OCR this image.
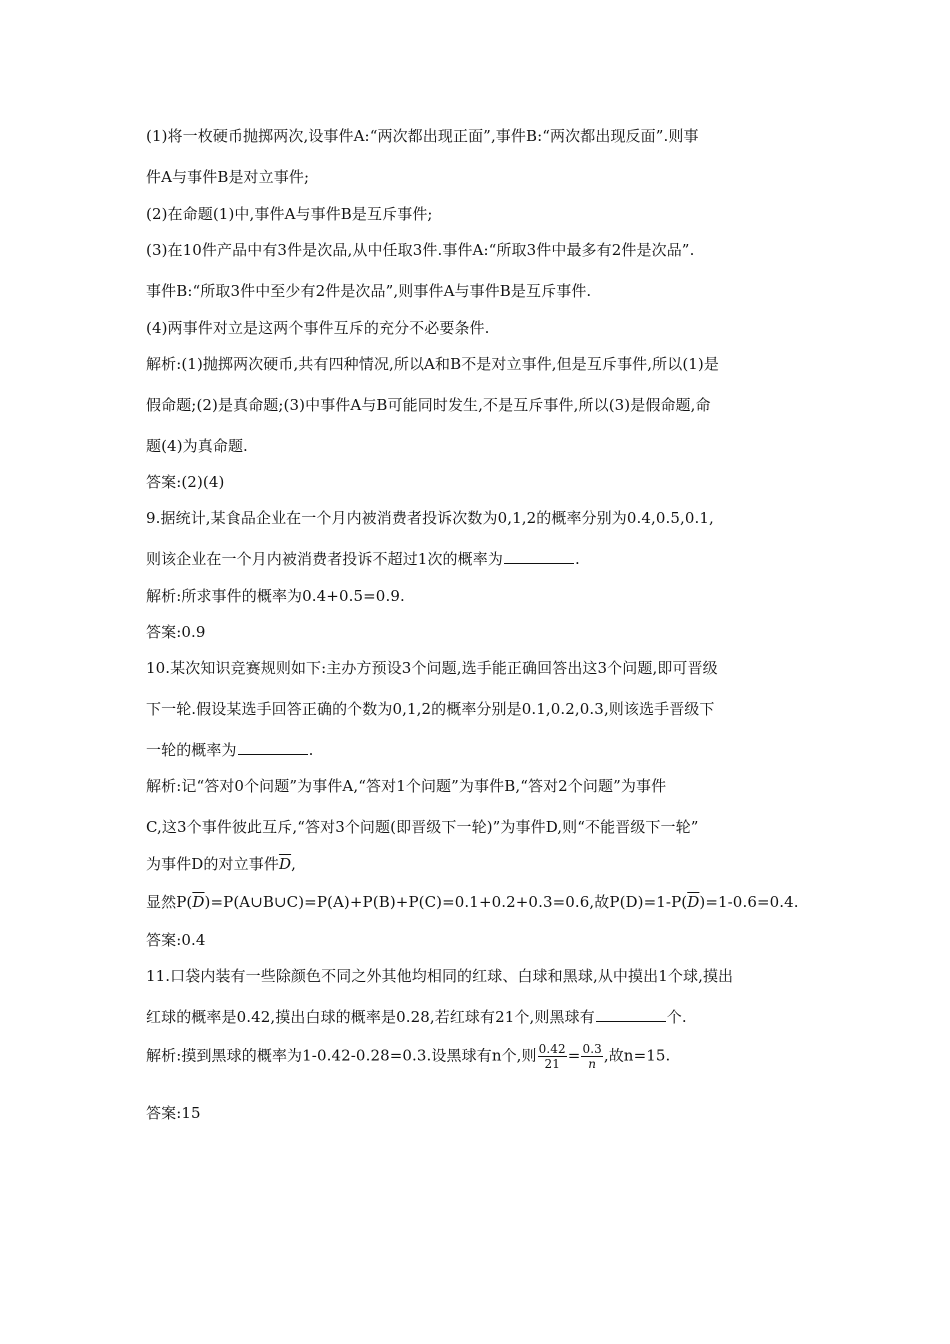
(1)将一枚硬币抛掷两次,设事件A:“两次都出现正面”,事件B:“两次都出现反面”.则事
件A与事件B是对立事件;
(2)在命题(1)中,事件A与事件B是互斥事件;
(3)在10件产品中有3件是次品,从中任取3件.事件A:“所取3件中最多有2件是次品”.
事件B:“所取3件中至少有2件是次品”,则事件A与事件B是互斥事件.
(4)两事件对立是这两个事件互斥的充分不必要条件.
解析:(1)抛掷两次硬币,共有四种情况,所以A和B不是对立事件,但是互斥事件,所以(1)是
假命题;(2)是真命题;(3)中事件A与B可能同时发生,不是互斥事件,所以(3)是假命题,命
题(4)为真命题.
答案:(2)(4)
9.据统计,某食品企业在一个月内被消费者投诉次数为0,1,2的概率分别为0.4,0.5,0.1,
则该企业在一个月内被消费者投诉不超过1次的概率为	.
解析:所求事件的概率为0.4+0.5=0.9.
答案:0.9
10.某次知识竞赛规则如下:主办方预设3个问题,选手能正确回答出这3个问题,即可晋级
下一轮.假设某选手回答正确的个数为0,1,2的概率分别是0.1,0.2,0.3,则该选手晋级下
一轮的概率为	.
解析:记“答对0个问题”为事件A,“答对1个问题”为事件B,“答对2个问题”为事件
C,这3个事件彼此互斥,“答对3个问题(即晋级下一轮)”为事件D,则“不能晋级下一轮”
为事件D的对立事件$\overline{D}$,
显然$P(\overline{D})=P(A\cup B\cup C)=P(A)+P(B)+P(C)=0.1+0.2+0.3=0.6$,故$P(D)=1-P(\overline{D})=1-0.6=0.4$.
答案:0.4
11.口袋内装有一些除颜色不同之外其他均相同的红球、白球和黑球,从中摸出1个球,摸出
红球的概率是0.42,摸出白球的概率是0.28,若红球有21个,则黑球有	个.
解析:摸到黑球的概率为1-0.42-0.28=0.3.设黑球有n个,则 $\frac{0.42}{21} = \frac{0.3}{n}$ ,故n=15.
答案:15
